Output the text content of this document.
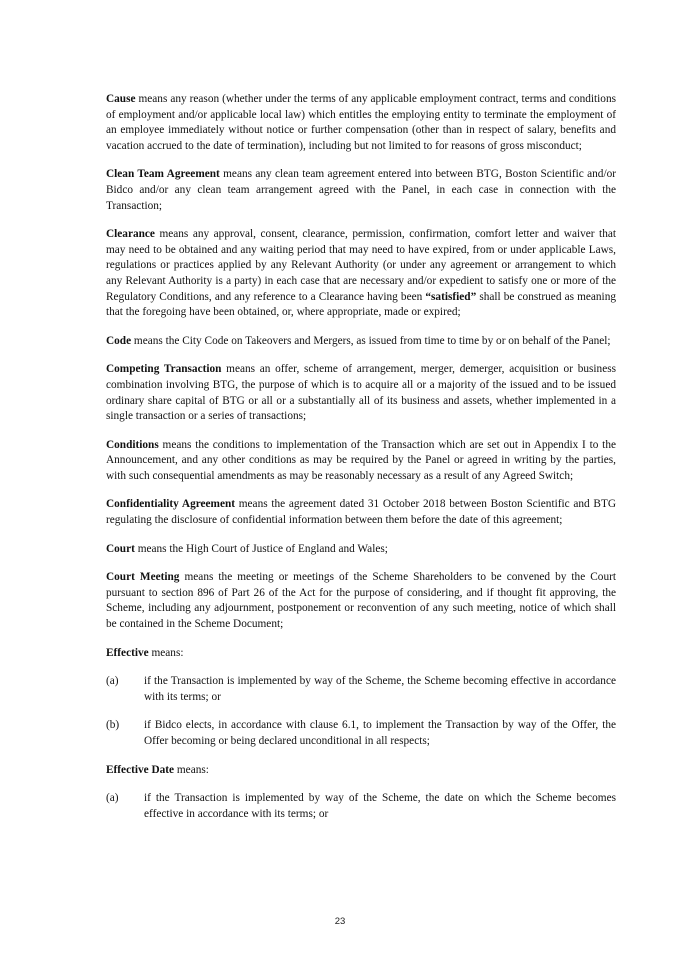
Cause means any reason (whether under the terms of any applicable employment contract, terms and conditions of employment and/or applicable local law) which entitles the employing entity to terminate the employment of an employee immediately without notice or further compensation (other than in respect of salary, benefits and vacation accrued to the date of termination), including but not limited to for reasons of gross misconduct;

Clean Team Agreement means any clean team agreement entered into between BTG, Boston Scientific and/or Bidco and/or any clean team arrangement agreed with the Panel, in each case in connection with the Transaction;

Clearance means any approval, consent, clearance, permission, confirmation, comfort letter and waiver that may need to be obtained and any waiting period that may need to have expired, from or under applicable Laws, regulations or practices applied by any Relevant Authority (or under any agreement or arrangement to which any Relevant Authority is a party) in each case that are necessary and/or expedient to satisfy one or more of the Regulatory Conditions, and any reference to a Clearance having been “satisfied” shall be construed as meaning that the foregoing have been obtained, or, where appropriate, made or expired;

Code means the City Code on Takeovers and Mergers, as issued from time to time by or on behalf of the Panel;

Competing Transaction means an offer, scheme of arrangement, merger, demerger, acquisition or business combination involving BTG, the purpose of which is to acquire all or a majority of the issued and to be issued ordinary share capital of BTG or all or a substantially all of its business and assets, whether implemented in a single transaction or a series of transactions;

Conditions means the conditions to implementation of the Transaction which are set out in Appendix I to the Announcement, and any other conditions as may be required by the Panel or agreed in writing by the parties, with such consequential amendments as may be reasonably necessary as a result of any Agreed Switch;

Confidentiality Agreement means the agreement dated 31 October 2018 between Boston Scientific and BTG regulating the disclosure of confidential information between them before the date of this agreement;

Court means the High Court of Justice of England and Wales;

Court Meeting means the meeting or meetings of the Scheme Shareholders to be convened by the Court pursuant to section 896 of Part 26 of the Act for the purpose of considering, and if thought fit approving, the Scheme, including any adjournment, postponement or reconvention of any such meeting, notice of which shall be contained in the Scheme Document;

Effective means:

(a)	if the Transaction is implemented by way of the Scheme, the Scheme becoming effective in accordance with its terms; or
(b)	if Bidco elects, in accordance with clause 6.1, to implement the Transaction by way of the Offer, the Offer becoming or being declared unconditional in all respects;

Effective Date means:

(a)	if the Transaction is implemented by way of the Scheme, the date on which the Scheme becomes effective in accordance with its terms; or
23
